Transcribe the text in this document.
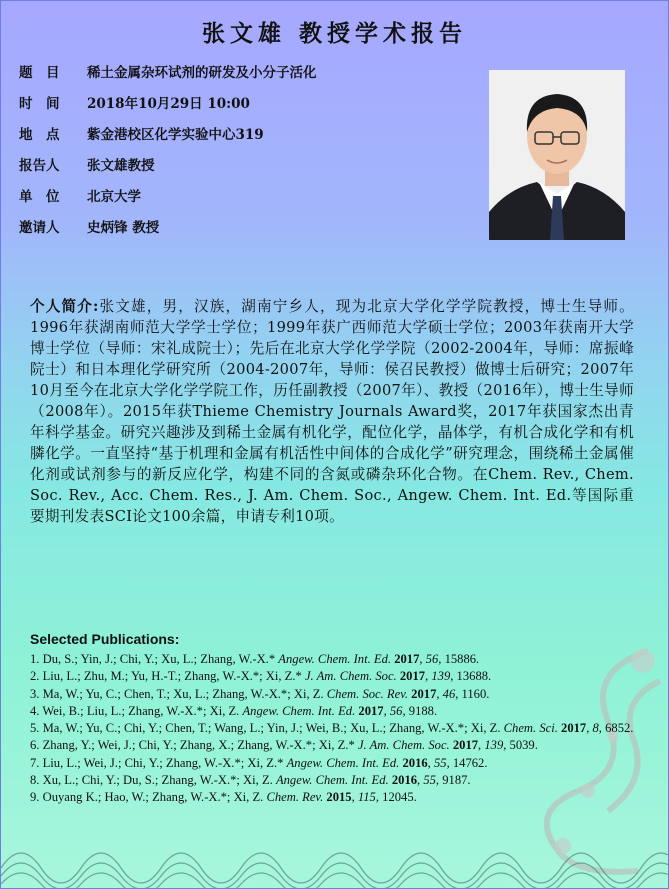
张文雄 教授学术报告
题　目 稀土金属杂环试剂的研发及小分子活化
时　间 2018年10月29日 10:00
地　点 紫金港校区化学实验中心319
报告人 张文雄教授
单　位 北京大学
邀请人 史炳锋 教授
个人简介:张文雄，男，汉族，湖南宁乡人，现为北京大学化学学院教授，博士生导师。1996年获湖南师范大学学士学位；1999年获广西师范大学硕士学位；2003年获南开大学博士学位（导师：宋礼成院士）；先后在北京大学化学学院（2002-2004年，导师：席振峰院士）和日本理化学研究所（2004-2007年，导师：侯召民教授）做博士后研究；2007年10月至今在北京大学化学学院工作，历任副教授（2007年）、教授（2016年），博士生导师（2008年）。2015年获Thieme Chemistry Journals Award奖，2017年获国家杰出青年科学基金。研究兴趣涉及到稀土金属有机化学，配位化学，晶体学，有机合成化学和有机膦化学。一直坚持“基于机理和金属有机活性中间体的合成化学”研究理念，围绕稀土金属催化剂或试剂参与的新反应化学，构建不同的含氮或磷杂环化合物。在Chem. Rev., Chem. Soc. Rev., Acc. Chem. Res., J. Am. Chem. Soc., Angew. Chem. Int. Ed.等国际重要期刊发表SCI论文100余篇，申请专利10项。
Selected Publications:

1. Du, S.; Yin, J.; Chi, Y.; Xu, L.; Zhang, W.-X.* Angew. Chem. Int. Ed. 2017, 56, 15886.

2. Liu, L.; Zhu, M.; Yu, H.-T.; Zhang, W.-X.*; Xi, Z.* J. Am. Chem. Soc. 2017, 139, 13688.

3. Ma, W.; Yu, C.; Chen, T.; Xu, L.; Zhang, W.-X.*; Xi, Z. Chem. Soc. Rev. 2017, 46, 1160.

4. Wei, B.; Liu, L.; Zhang, W.-X.*; Xi, Z. Angew. Chem. Int. Ed. 2017, 56, 9188.

5. Ma, W.; Yu, C.; Chi, Y.; Chen, T.; Wang, L.; Yin, J.; Wei, B.; Xu, L.; Zhang, W.-X.*; Xi, Z. Chem. Sci. 2017, 8, 6852.

6. Zhang, Y.; Wei, J.; Chi, Y.; Zhang, X.; Zhang, W.-X.*; Xi, Z.* J. Am. Chem. Soc. 2017, 139, 5039.

7. Liu, L.; Wei, J.; Chi, Y.; Zhang, W.-X.*; Xi, Z.* Angew. Chem. Int. Ed. 2016, 55, 14762.

8. Xu, L.; Chi, Y.; Du, S.; Zhang, W.-X.*; Xi, Z. Angew. Chem. Int. Ed. 2016, 55, 9187.

9. Ouyang K.; Hao, W.; Zhang, W.-X.*; Xi, Z. Chem. Rev. 2015, 115, 12045.
